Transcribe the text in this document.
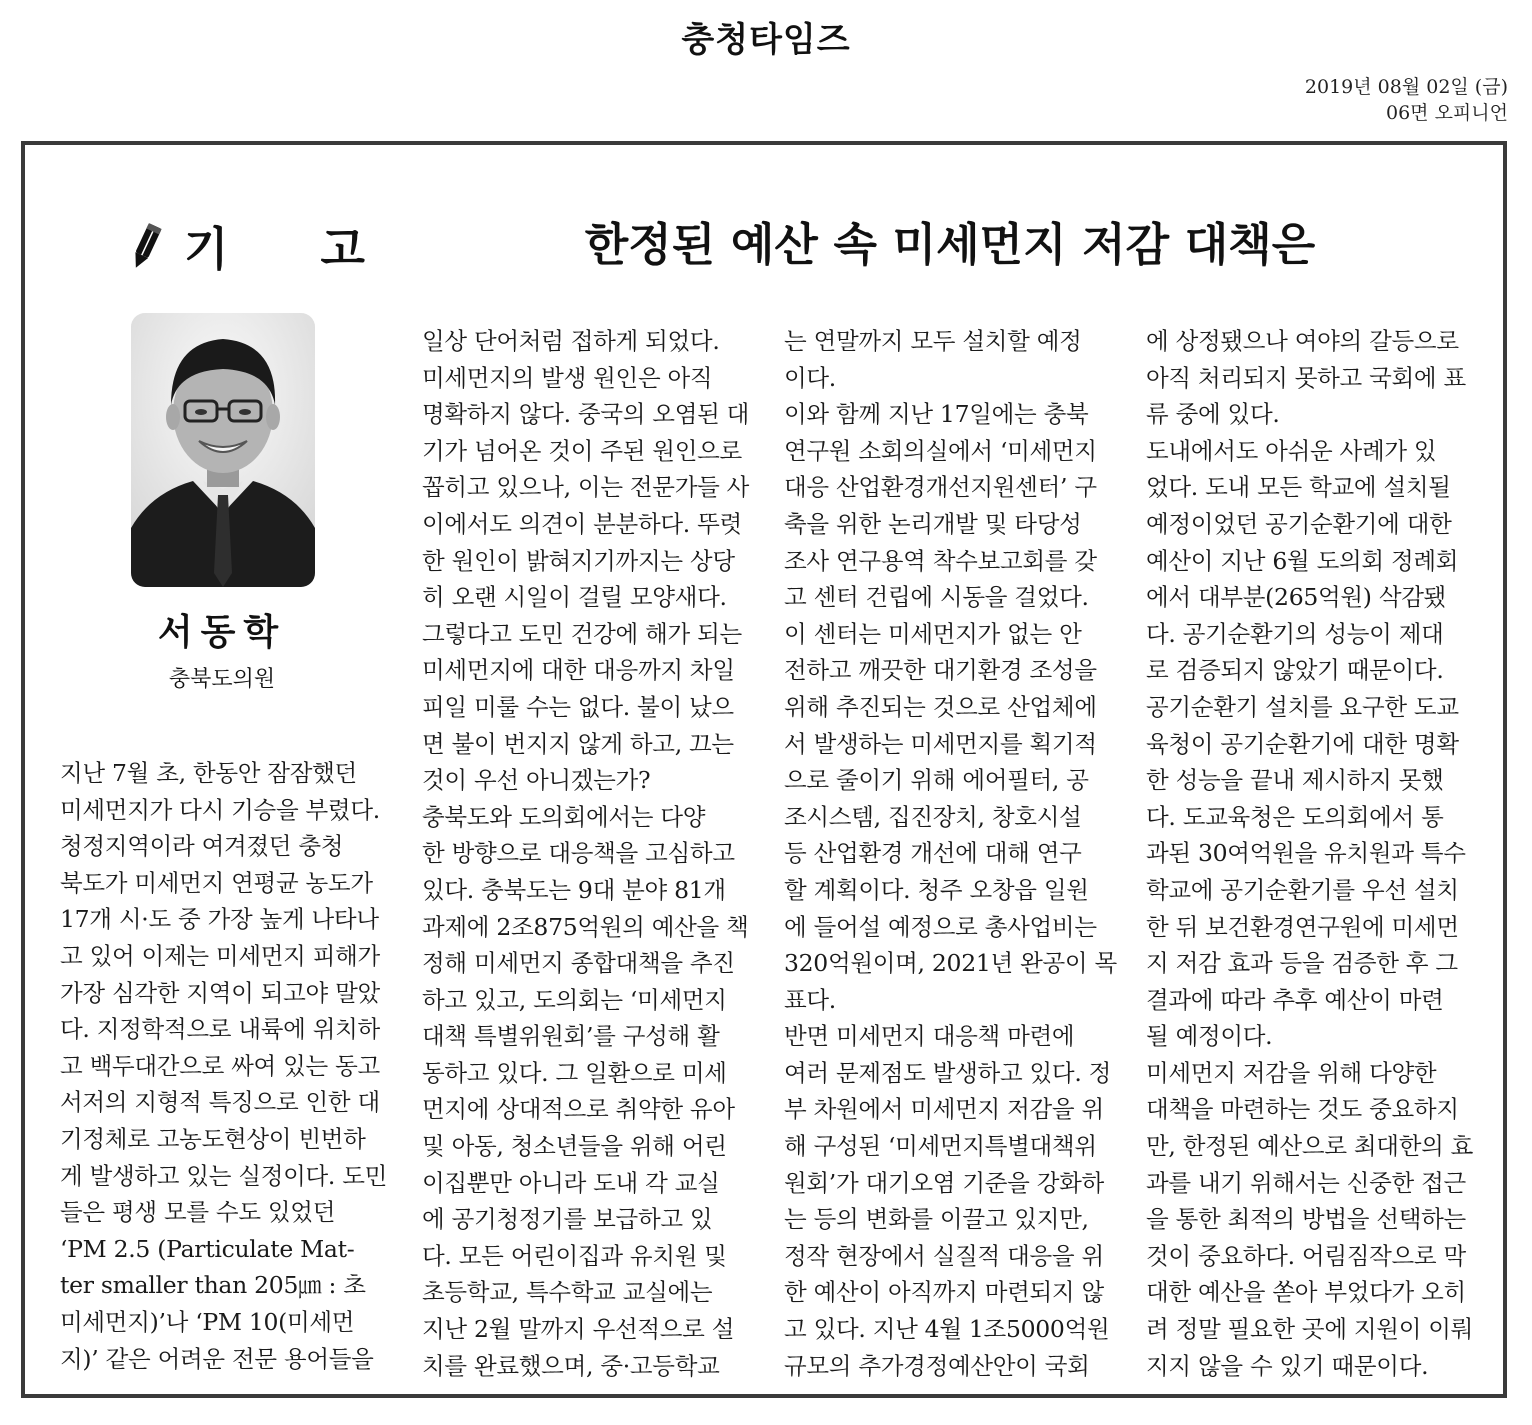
충청타임즈
2019년 08월 02일 (금)
06면 오피니언
기 고	한정된 예산 속 미세먼지 저감 대책은
서동학
충북도의원
지난 7월 초, 한동안 잠잠했던
미세먼지가 다시 기승을 부렸다.
청정지역이라 여겨졌던 충청
북도가 미세먼지 연평균 농도가
17개 시·도 중 가장 높게 나타나
고 있어 이제는 미세먼지 피해가
가장 심각한 지역이 되고야 말았
다. 지정학적으로 내륙에 위치하
고 백두대간으로 싸여 있는 동고
서저의 지형적 특징으로 인한 대
기정체로 고농도현상이 빈번하
게 발생하고 있는 실정이다. 도민
들은 평생 모를 수도 있었던
‘PM 2.5 (Particulate Mat-
ter smaller than 205㎛ : 초
미세먼지)’나 ‘PM 10(미세먼
지)’ 같은 어려운 전문 용어들을
일상 단어처럼 접하게 되었다.
미세먼지의 발생 원인은 아직
명확하지 않다. 중국의 오염된 대
기가 넘어온 것이 주된 원인으로
꼽히고 있으나, 이는 전문가들 사
이에서도 의견이 분분하다. 뚜렷
한 원인이 밝혀지기까지는 상당
히 오랜 시일이 걸릴 모양새다.
그렇다고 도민 건강에 해가 되는
미세먼지에 대한 대응까지 차일
피일 미룰 수는 없다. 불이 났으
면 불이 번지지 않게 하고, 끄는
것이 우선 아니겠는가?
충북도와 도의회에서는 다양
한 방향으로 대응책을 고심하고
있다. 충북도는 9대 분야 81개
과제에 2조875억원의 예산을 책
정해 미세먼지 종합대책을 추진
하고 있고, 도의회는 ‘미세먼지
대책 특별위원회’를 구성해 활
동하고 있다. 그 일환으로 미세
먼지에 상대적으로 취약한 유아
및 아동, 청소년들을 위해 어린
이집뿐만 아니라 도내 각 교실
에 공기청정기를 보급하고 있
다. 모든 어린이집과 유치원 및
초등학교, 특수학교 교실에는
지난 2월 말까지 우선적으로 설
치를 완료했으며, 중·고등학교
는 연말까지 모두 설치할 예정
이다.
이와 함께 지난 17일에는 충북
연구원 소회의실에서 ‘미세먼지
대응 산업환경개선지원센터’ 구
축을 위한 논리개발 및 타당성
조사 연구용역 착수보고회를 갖
고 센터 건립에 시동을 걸었다.
이 센터는 미세먼지가 없는 안
전하고 깨끗한 대기환경 조성을
위해 추진되는 것으로 산업체에
서 발생하는 미세먼지를 획기적
으로 줄이기 위해 에어필터, 공
조시스템, 집진장치, 창호시설
등 산업환경 개선에 대해 연구
할 계획이다. 청주 오창읍 일원
에 들어설 예정으로 총사업비는
320억원이며, 2021년 완공이 목
표다.
반면 미세먼지 대응책 마련에
여러 문제점도 발생하고 있다. 정
부 차원에서 미세먼지 저감을 위
해 구성된 ‘미세먼지특별대책위
원회’가 대기오염 기준을 강화하
는 등의 변화를 이끌고 있지만,
정작 현장에서 실질적 대응을 위
한 예산이 아직까지 마련되지 않
고 있다. 지난 4월 1조5000억원
규모의 추가경정예산안이 국회
에 상정됐으나 여야의 갈등으로
아직 처리되지 못하고 국회에 표
류 중에 있다.
도내에서도 아쉬운 사례가 있
었다. 도내 모든 학교에 설치될
예정이었던 공기순환기에 대한
예산이 지난 6월 도의회 정례회
에서 대부분(265억원) 삭감됐
다. 공기순환기의 성능이 제대
로 검증되지 않았기 때문이다.
공기순환기 설치를 요구한 도교
육청이 공기순환기에 대한 명확
한 성능을 끝내 제시하지 못했
다. 도교육청은 도의회에서 통
과된 30여억원을 유치원과 특수
학교에 공기순환기를 우선 설치
한 뒤 보건환경연구원에 미세먼
지 저감 효과 등을 검증한 후 그
결과에 따라 추후 예산이 마련
될 예정이다.
미세먼지 저감을 위해 다양한
대책을 마련하는 것도 중요하지
만, 한정된 예산으로 최대한의 효
과를 내기 위해서는 신중한 접근
을 통한 최적의 방법을 선택하는
것이 중요하다. 어림짐작으로 막
대한 예산을 쏟아 부었다가 오히
려 정말 필요한 곳에 지원이 이뤄
지지 않을 수 있기 때문이다.
